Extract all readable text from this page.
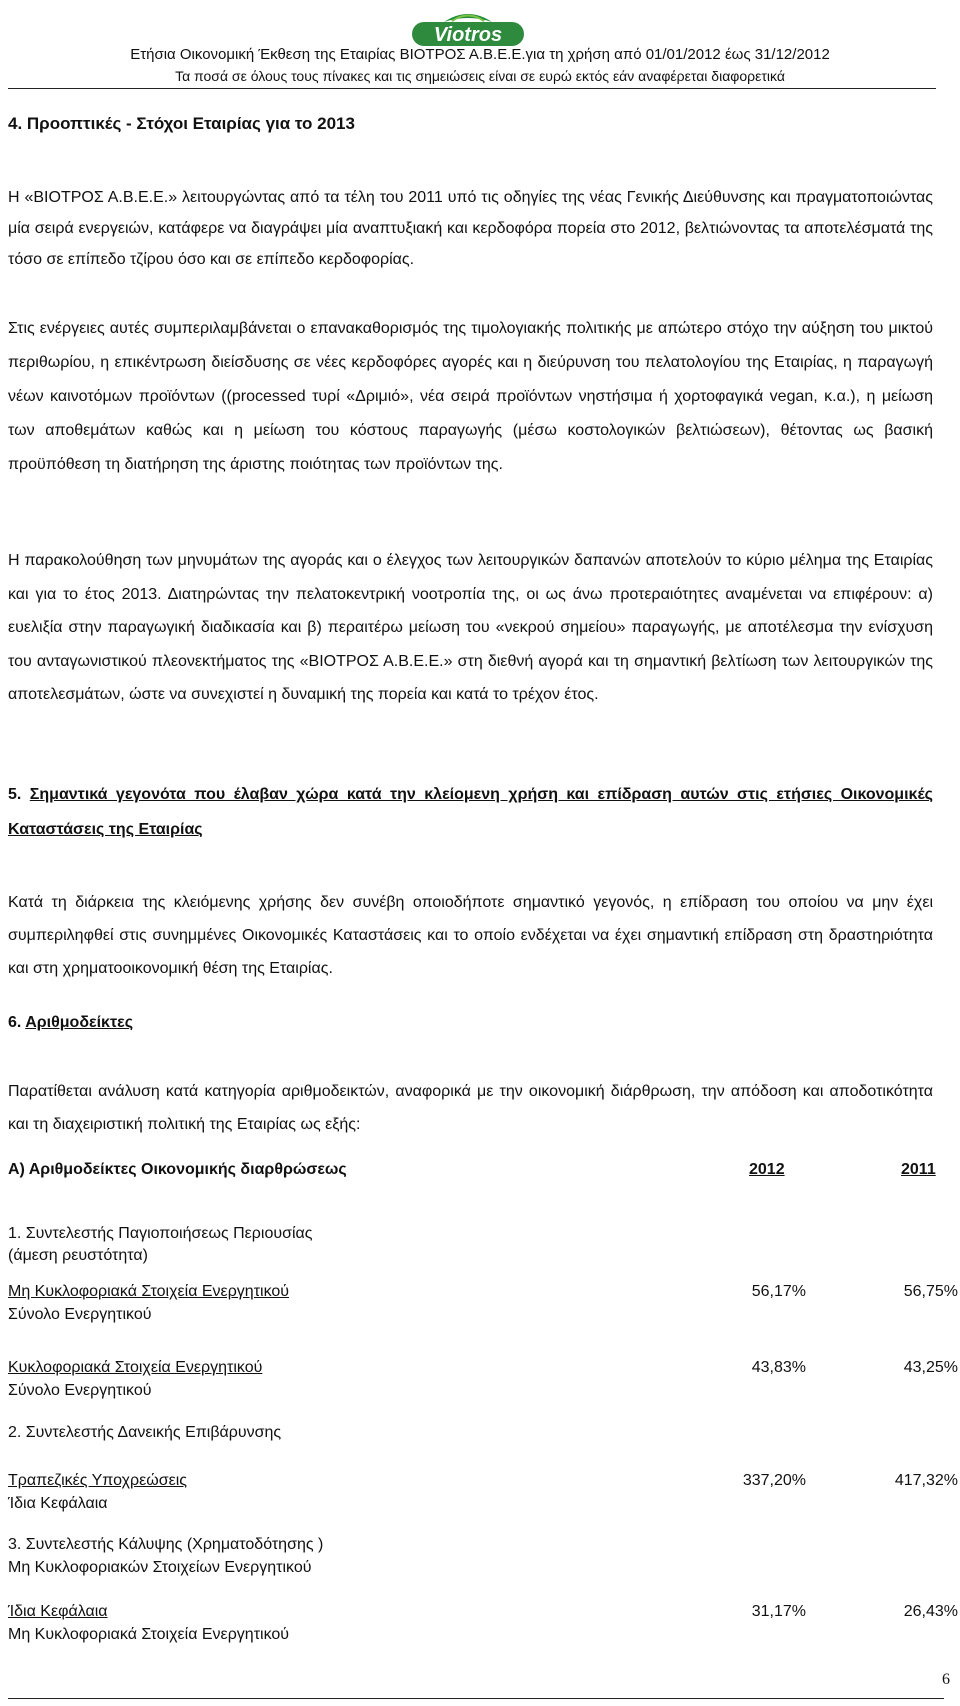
Viotros
Ετήσια Οικονομική Έκθεση της Εταιρίας ΒΙΟΤΡΟΣ Α.Β.Ε.Ε.για τη χρήση από 01/01/2012 έως 31/12/2012
Τα ποσά σε όλους τους πίνακες και τις σημειώσεις είναι σε ευρώ εκτός εάν αναφέρεται διαφορετικά
4. Προοπτικές - Στόχοι Εταιρίας για το 2013
Η «ΒΙΟΤΡΟΣ Α.Β.Ε.Ε.» λειτουργώντας από τα τέλη του 2011 υπό τις οδηγίες της νέας Γενικής Διεύθυνσης και πραγματοποιώντας μία σειρά ενεργειών, κατάφερε να διαγράψει μία αναπτυξιακή και κερδοφόρα πορεία στο 2012, βελτιώνοντας τα αποτελέσματά της τόσο σε επίπεδο τζίρου όσο και σε επίπεδο κερδοφορίας.
Στις ενέργειες αυτές συμπεριλαμβάνεται ο επανακαθορισμός της τιμολογιακής πολιτικής με απώτερο στόχο την αύξηση του μικτού περιθωρίου, η επικέντρωση διείσδυσης σε νέες κερδοφόρες αγορές και η διεύρυνση του πελατολογίου της Εταιρίας, η παραγωγή νέων καινοτόμων προϊόντων ((processed τυρί «Δριμιό», νέα σειρά προϊόντων νηστήσιμα ή χορτοφαγικά vegan, κ.α.), η μείωση των αποθεμάτων καθώς και η μείωση του κόστους παραγωγής (μέσω κοστολογικών βελτιώσεων), θέτοντας ως βασική προϋπόθεση τη διατήρηση της άριστης ποιότητας των προϊόντων της.
Η παρακολούθηση των μηνυμάτων της αγοράς και ο έλεγχος των λειτουργικών δαπανών αποτελούν το κύριο μέλημα της Εταιρίας και για το έτος 2013. Διατηρώντας την πελατοκεντρική νοοτροπία της, οι ως άνω προτεραιότητες αναμένεται να επιφέρουν: α) ευελιξία στην παραγωγική διαδικασία και β) περαιτέρω μείωση του «νεκρού σημείου» παραγωγής, με αποτέλεσμα την ενίσχυση του ανταγωνιστικού πλεονεκτήματος της «ΒΙΟΤΡΟΣ Α.Β.Ε.Ε.» στη διεθνή αγορά και τη σημαντική βελτίωση των λειτουργικών της αποτελεσμάτων, ώστε να συνεχιστεί η δυναμική της πορεία και κατά το τρέχον έτος.
5. Σημαντικά γεγονότα που έλαβαν χώρα κατά την κλείομενη χρήση και επίδραση αυτών στις ετήσιες Οικονομικές Καταστάσεις της Εταιρίας
Κατά τη διάρκεια της κλειόμενης χρήσης δεν συνέβη οποιοδήποτε σημαντικό γεγονός, η επίδραση του οποίου να μην έχει συμπεριληφθεί στις συνημμένες Οικονομικές Καταστάσεις και το οποίο ενδέχεται να έχει σημαντική επίδραση στη δραστηριότητα και στη χρηματοοικονομική θέση της Εταιρίας.
6. Αριθμοδείκτες
Παρατίθεται ανάλυση κατά κατηγορία αριθμοδεικτών, αναφορικά με την οικονομική διάρθρωση, την απόδοση και αποδοτικότητα και τη διαχειριστική πολιτική της Εταιρίας ως εξής:
Α) Αριθμοδείκτες Οικονομικής διαρθρώσεως	2012	2011
1. Συντελεστής Παγιοποιήσεως Περιουσίας
(άμεση ρευστότητα)
Μη Κυκλοφοριακά Στοιχεία Ενεργητικού
Σύνολο Ενεργητικού
56,17%	56,75%
Κυκλοφοριακά Στοιχεία Ενεργητικού
Σύνολο Ενεργητικού
43,83%	43,25%
2. Συντελεστής Δανεικής Επιβάρυνσης
Τραπεζικές Υποχρεώσεις
Ίδια Κεφάλαια
337,20%	417,32%
3. Συντελεστής Κάλυψης (Χρηματοδότησης )
Μη Κυκλοφοριακών Στοιχείων Ενεργητικού
Ίδια Κεφάλαια
Μη Κυκλοφοριακά Στοιχεία Ενεργητικού
31,17%	26,43%
6
